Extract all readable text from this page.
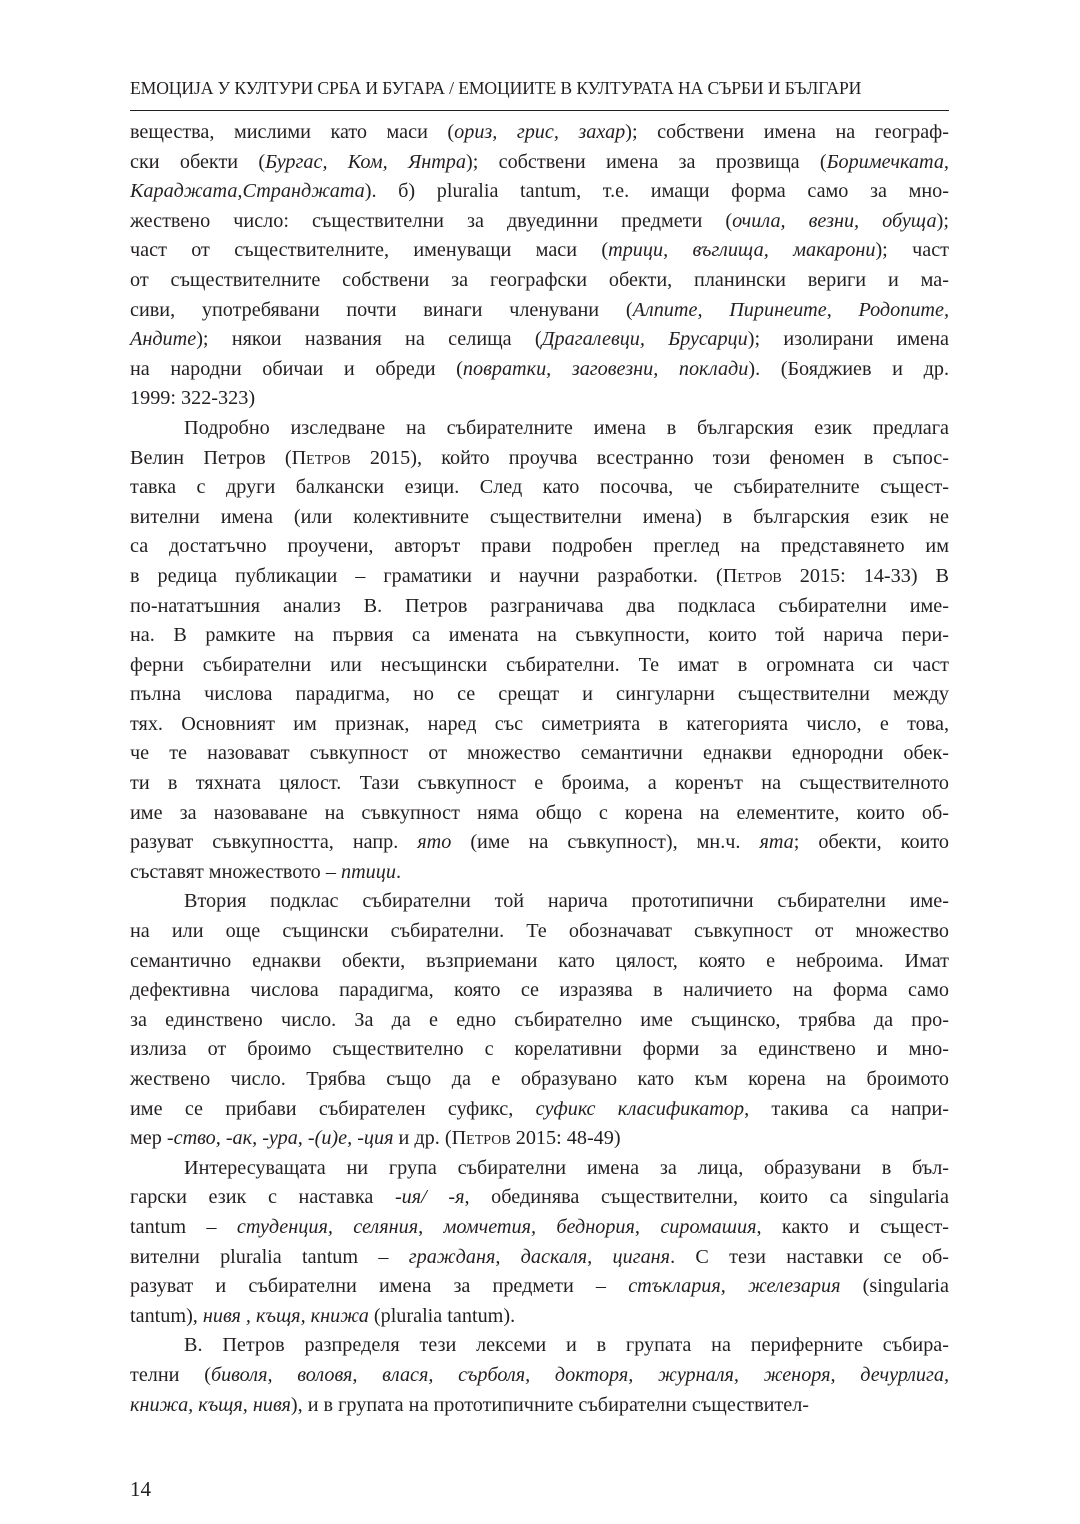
ЕМОЦИЈА У КУЛТУРИ СРБА И БУГАРА / ЕМОЦИИТЕ В КУЛТУРАТА НА СЪРБИ И БЪЛГАРИ
вещества, мислими като маси (ориз, грис, захар); собствени имена на географ-
ски обекти (Бургас, Ком, Янтра); собствени имена за прозвища (Боримечката,
Караджата,Странджата). б) pluralia tantum, т.е. имащи форма само за мно-
жествено число: съществителни за двуединни предмети (очила, везни, обуща);
част от съществителните, именуващи маси (трици, въглища, макарони); част
от съществителните собствени за географски обекти, планински вериги и ма-
сиви, употребявани почти винаги членувани (Алпите, Пиринеите, Родопите,
Андите); някои названия на селища (Драгалевци, Брусарци); изолирани имена
на народни обичаи и обреди (повратки, заговезни, поклади). (Бояджиев и др.
1999: 322-323)
Подробно изследване на събирателните имена в българския език предлага
Велин Петров (Петров 2015), който проучва всестранно този феномен в съпос-
тавка с други балкански езици. След като посочва, че събирателните същест-
вителни имена (или колективните съществителни имена) в българския език не
са достатъчно проучени, авторът прави подробен преглед на представянето им
в редица публикации – граматики и научни разработки. (Петров 2015: 14-33) В
по-нататъшния анализ В. Петров разграничава два подкласа събирателни име-
на. В рамките на първия са имената на съвкупности, които той нарича пери-
ферни събирателни или несъщински събирателни. Те имат в огромната си част
пълна числова парадигма, но се срещат и сингуларни съществителни между
тях. Основният им признак, наред със симетрията в категорията число, е това,
че те назовават съвкупност от множество семантични еднакви еднородни обек-
ти в тяхната цялост. Тази съвкупност е броима, а коренът на съществителното
име за назоваване на съвкупност няма общо с корена на елементите, които об-
разуват съвкупността, напр. ято (име на съвкупност), мн.ч. ята; обекти, които
съставят множеството – птици.
Втория подклас събирателни той нарича прототипични събирателни име-
на или още същински събирателни. Те обозначават съвкупност от множество
семантично еднакви обекти, възприемани като цялост, която е неброима. Имат
дефективна числова парадигма, която се изразява в наличието на форма само
за единствено число. За да е едно събирателно име същинско, трябва да про-
излиза от броимо съществително с корелативни форми за единствено и мно-
жествено число. Трябва също да е образувано като към корена на броимото
име се прибави събирателен суфикс, суфикс класификатор, такива са напри-
мер -ство, -ак, -ура, -(и)е, -ция и др. (Петров 2015: 48-49)
Интересуващата ни група събирателни имена за лица, образувани в бъл-
гарски език с наставка -ия/ -я, обединява съществителни, които са singularia
tantum – студенция, селяния, момчетия, беднория, сиромашия, както и същест-
вителни pluralia tantum – граждaня, даскаля, циганя. С тези наставки се об-
разуват и събирателни имена за предмети – стъклария, железария (singularia
tantum), нивя , къщя, книжа (pluralia tantum).
В. Петров разпределя тези лексеми и в групата на периферните събира-
телни (биволя, воловя, влася, сърболя, докторя, журналя, женоря, дечурлига,
книжа, къщя, нивя), и в групата на прототипичните събирателни съществител-
14
